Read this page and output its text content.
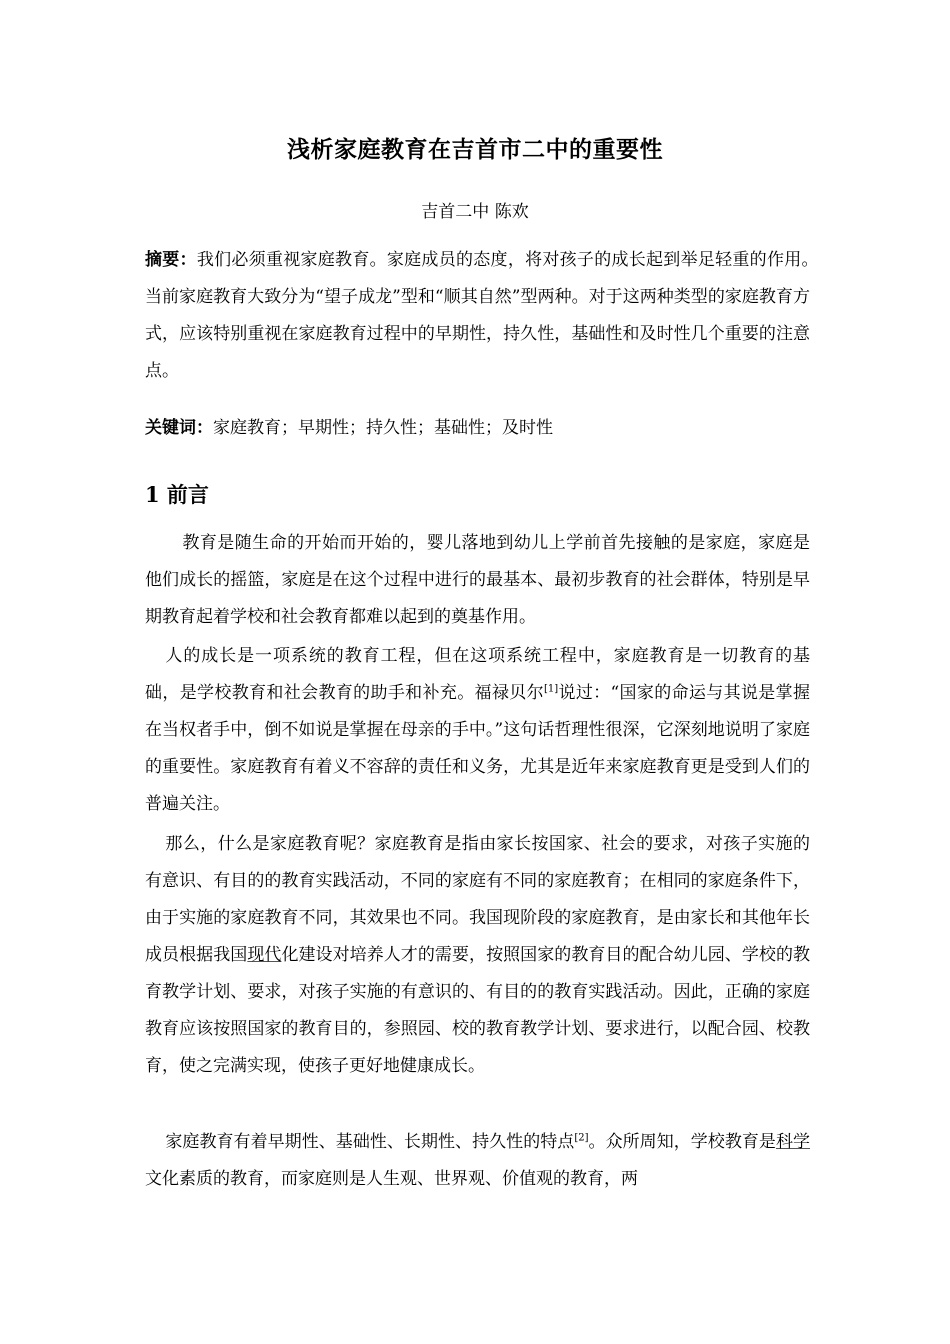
浅析家庭教育在吉首市二中的重要性
吉首二中 陈欢
摘要：我们必须重视家庭教育。家庭成员的态度，将对孩子的成长起到举足轻重的作用。　当前家庭教育大致分为“望子成龙”型和“顺其自然”型两种。对于这两种类型的家庭教育方式，应该特别重视在家庭教育过程中的早期性，持久性，基础性和及时性几个重要的注意点。
关键词：家庭教育；早期性；持久性；基础性；及时性
1 前言
教育是随生命的开始而开始的，婴儿落地到幼儿上学前首先接触的是家庭，家庭是他们成长的摇篮，家庭是在这个过程中进行的最基本、最初步教育的社会群体，特别是早期教育起着学校和社会教育都难以起到的奠基作用。
人的成长是一项系统的教育工程，但在这项系统工程中，家庭教育是一切教育的基础，是学校教育和社会教育的助手和补充。福禄贝尔[1]说过：“国家的命运与其说是掌握在当权者手中，倒不如说是掌握在母亲的手中。”这句话哲理性很深，它深刻地说明了家庭的重要性。家庭教育有着义不容辞的责任和义务，尤其是近年来家庭教育更是受到人们的普遍关注。
那么，什么是家庭教育呢？家庭教育是指由家长按国家、社会的要求，对孩子实施的有意识、有目的的教育实践活动，不同的家庭有不同的家庭教育；在相同的家庭条件下，由于实施的家庭教育不同，其效果也不同。我国现阶段的家庭教育，是由家长和其他年长成员根据我国现代化建设对培养人才的需要，按照国家的教育目的配合幼儿园、学校的教育教学计划、要求，对孩子实施的有意识的、有目的的教育实践活动。因此，正确的家庭教育应该按照国家的教育目的，参照园、校的教育教学计划、要求进行，以配合园、校教育，使之完满实现，使孩子更好地健康成长。
家庭教育有着早期性、基础性、长期性、持久性的特点[2]。众所周知，学校教育是科学文化素质的教育，而家庭则是人生观、世界观、价值观的教育，两
